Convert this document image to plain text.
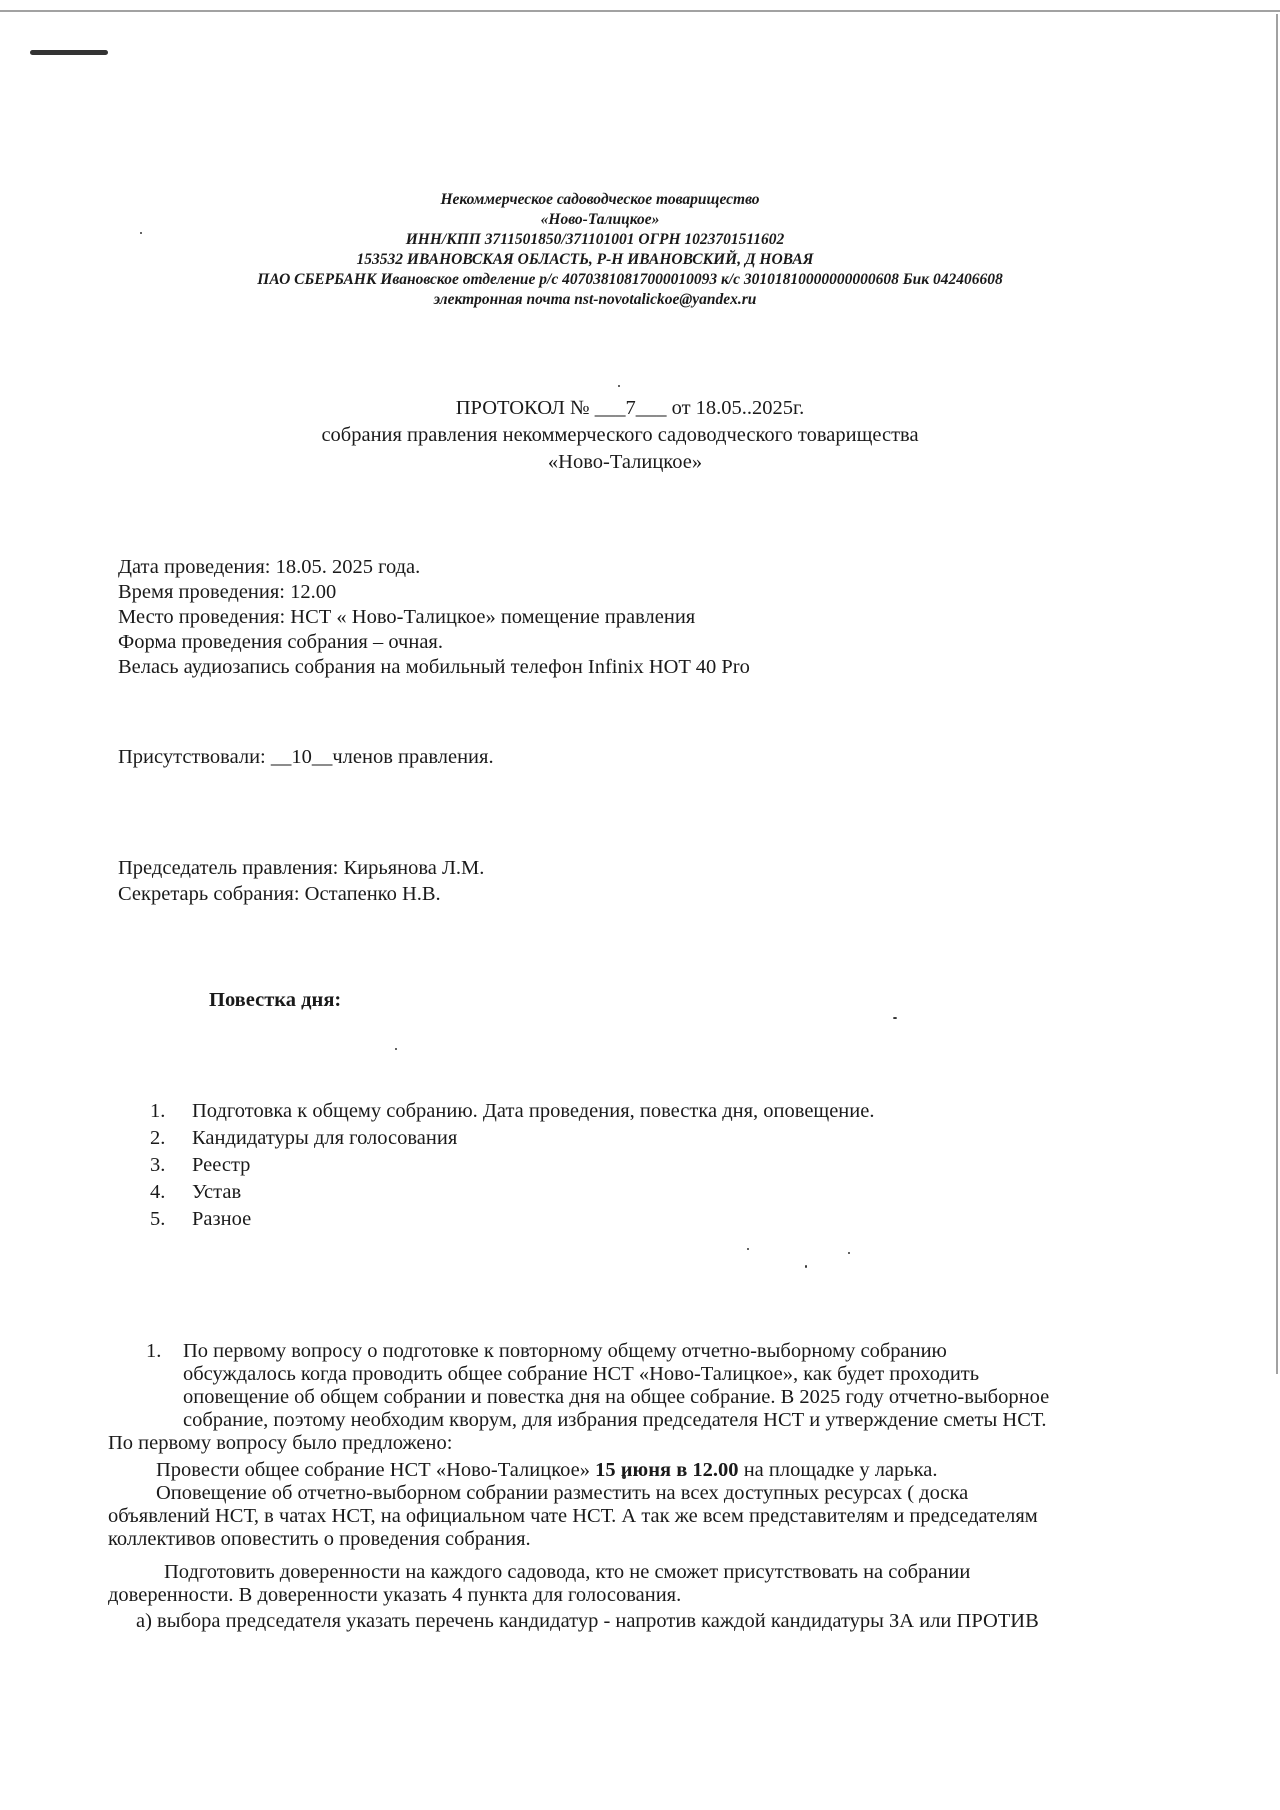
Некоммерческое садоводческое товарищество
«Ново-Талицкое»
ИНН/КПП 3711501850/371101001 ОГРН 1023701511602
153532 ИВАНОВСКАЯ ОБЛАСТЬ, Р-Н ИВАНОВСКИЙ, Д НОВАЯ
ПАО СБЕРБАНК Ивановское отделение р/с 40703810817000010093 к/с 30101810000000000608 Бик 042406608
электронная почта nst-novotalickoe@yandex.ru
ПРОТОКОЛ № ___7___ от 18.05..2025г.
собрания правления некоммерческого садоводческого товарищества
«Ново-Талицкое»
Дата проведения: 18.05. 2025 года.
Время проведения: 12.00
Место проведения: НСТ « Ново-Талицкое» помещение правления
Форма проведения собрания – очная.
Велась аудиозапись собрания на мобильный телефон Infinix HOT 40 Pro
Присутствовали: __10__членов правления.
Председатель правления: Кирьянова Л.М.
Секретарь собрания: Остапенко Н.В.
Повестка дня:
1.	Подготовка к общему собранию. Дата проведения, повестка дня, оповещение.
2.	Кандидатуры для голосования
3.	Реестр
4.	Устав
5.	Разное
1.	По первому вопросу о подготовке к повторному общему отчетно-выборному собранию
обсуждалось когда проводить общее собрание НСТ «Ново-Талицкое», как будет проходить
оповещение об общем собрании и повестка дня на общее собрание. В 2025 году отчетно-выборное
собрание, поэтому необходим кворум, для избрания председателя НСТ и утверждение сметы НСТ.
По первому вопросу было предложено:
Провести общее собрание НСТ «Ново-Талицкое» 15 июня в 12.00 на площадке у ларька.
Оповещение об отчетно-выборном собрании разместить на всех доступных ресурсах ( доска
объявлений НСТ, в чатах НСТ, на официальном чате НСТ. А так же всем представителям и председателям
коллективов оповестить о проведения собрания.
Подготовить доверенности на каждого садовода, кто не сможет присутствовать на собрании
доверенности. В доверенности указать 4 пункта для голосования.
а) выбора председателя указать перечень кандидатур - напротив каждой кандидатуры ЗА или ПРОТИВ
